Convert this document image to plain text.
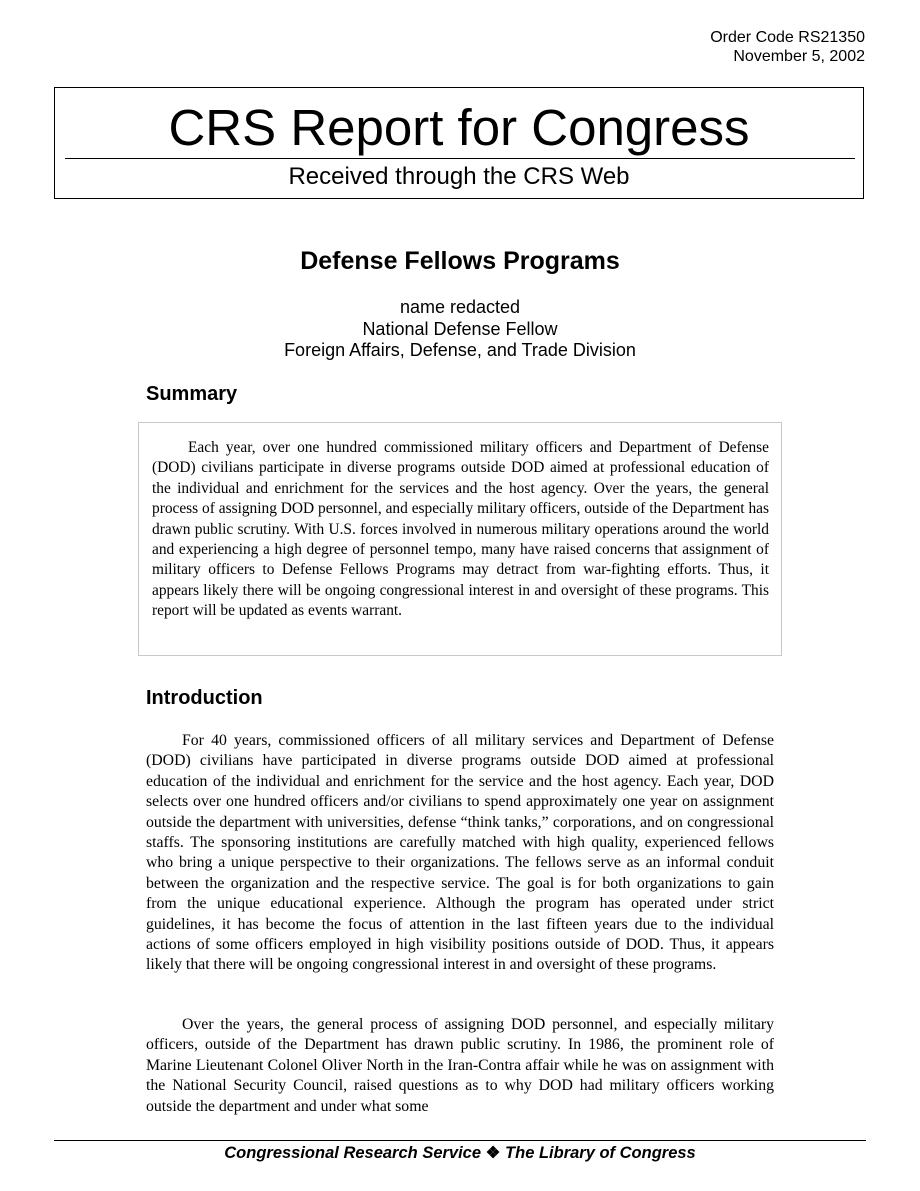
Order Code RS21350
November 5, 2002
CRS Report for Congress
Received through the CRS Web
Defense Fellows Programs
name redacted
National Defense Fellow
Foreign Affairs, Defense, and Trade Division
Summary

Each year, over one hundred commissioned military officers and Department of Defense (DOD) civilians participate in diverse programs outside DOD aimed at professional education of the individual and enrichment for the services and the host agency. Over the years, the general process of assigning DOD personnel, and especially military officers, outside of the Department has drawn public scrutiny. With U.S. forces involved in numerous military operations around the world and experiencing a high degree of personnel tempo, many have raised concerns that assignment of military officers to Defense Fellows Programs may detract from war-fighting efforts. Thus, it appears likely there will be ongoing congressional interest in and oversight of these programs. This report will be updated as events warrant.

Introduction

For 40 years, commissioned officers of all military services and Department of Defense (DOD) civilians have participated in diverse programs outside DOD aimed at professional education of the individual and enrichment for the service and the host agency. Each year, DOD selects over one hundred officers and/or civilians to spend approximately one year on assignment outside the department with universities, defense “think tanks,” corporations, and on congressional staffs. The sponsoring institutions are carefully matched with high quality, experienced fellows who bring a unique perspective to their organizations. The fellows serve as an informal conduit between the organization and the respective service. The goal is for both organizations to gain from the unique educational experience. Although the program has operated under strict guidelines, it has become the focus of attention in the last fifteen years due to the individual actions of some officers employed in high visibility positions outside of DOD. Thus, it appears likely that there will be ongoing congressional interest in and oversight of these programs.

Over the years, the general process of assigning DOD personnel, and especially military officers, outside of the Department has drawn public scrutiny. In 1986, the prominent role of Marine Lieutenant Colonel Oliver North in the Iran-Contra affair while he was on assignment with the National Security Council, raised questions as to why DOD had military officers working outside the department and under what some

Congressional Research Service ❖ The Library of Congress
